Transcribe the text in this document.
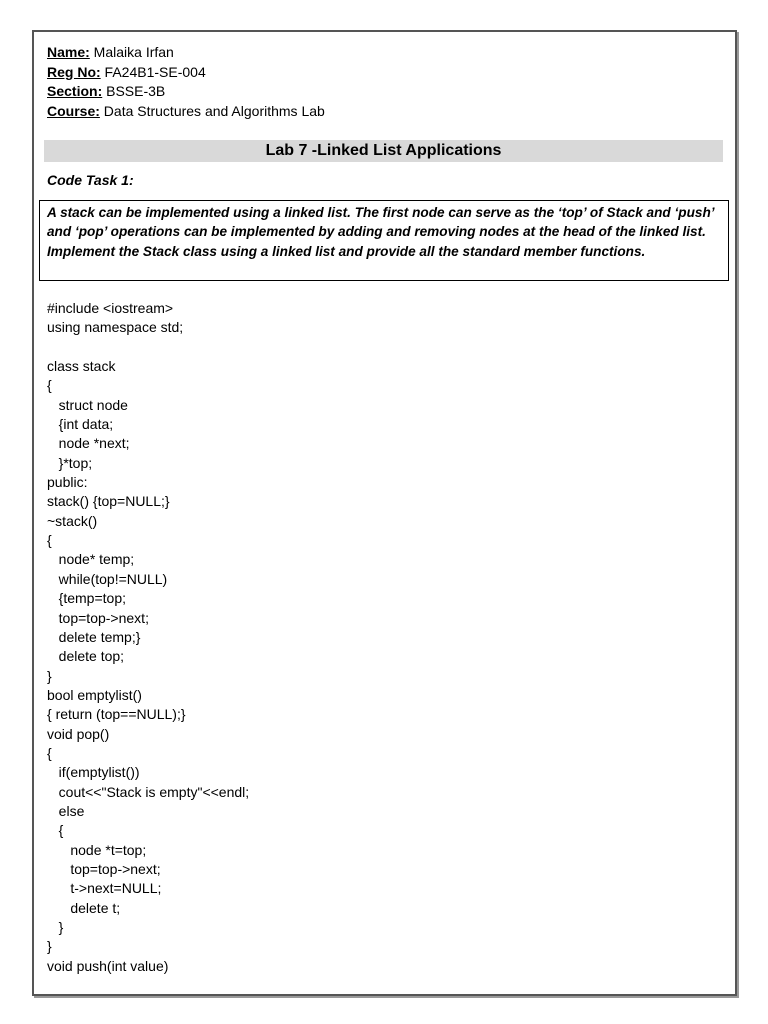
Name: Malaika Irfan
Reg No: FA24B1-SE-004
Section: BSSE-3B
Course: Data Structures and Algorithms Lab
Lab 7 -Linked List Applications
Code Task 1:
A stack can be implemented using a linked list. The first node can serve as the ‘top’ of Stack and ‘push’ and ‘pop’ operations can be implemented by adding and removing nodes at the head of the linked list. Implement the Stack class using a linked list and provide all the standard member functions.
#include <iostream>
using namespace std;
class stack
{
struct node
{int data;
node *next;
}*top;
public:
stack() {top=NULL;}
~stack()
{
node* temp;
while(top!=NULL)
{temp=top;
top=top->next;
delete temp;}
delete top;
}
bool emptylist()
{ return (top==NULL);}
void pop()
{
if(emptylist())
cout<<"Stack is empty"<<endl;
else
{
node *t=top;
top=top->next;
t->next=NULL;
delete t;
}
}
void push(int value)
